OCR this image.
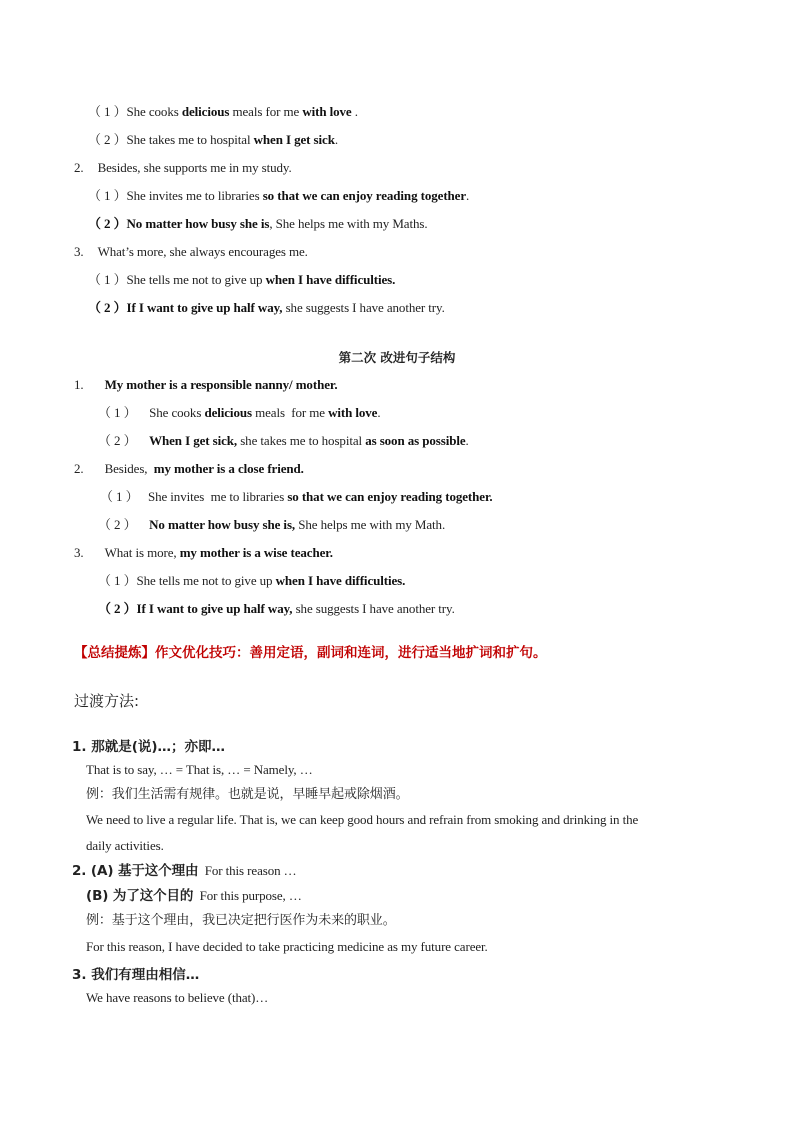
（ 1 ）She cooks delicious meals for me with love .
（ 2 ）She takes me to hospital when I get sick.
2. Besides, she supports me in my study.
（ 1 ）She invites me to libraries so that we can enjoy reading together.
（ 2 ）No matter how busy she is, She helps me with my Maths.
3. What’s more, she always encourages me.
（ 1 ）She tells me not to give up when I have difficulties.
（ 2 ）If I want to give up half way, she suggests I have another try.
第二次 改进句子结构
1. My mother is a responsible nanny/ mother.
（ 1 ）    She cooks delicious meals  for me with love.
（ 2 ）    When I get sick, she takes me to hospital as soon as possible.
2. Besides,  my mother is a close friend.
（ 1 ）   She invites  me to libraries so that we can enjoy reading together.
（ 2 ）    No matter how busy she is, She helps me with my Math.
3. What is more, my mother is a wise teacher.
（ 1 ）She tells me not to give up when I have difficulties.
（ 2 ）If I want to give up half way, she suggests I have another try.
【总结提炼】作文优化技巧：善用定语，副词和连词，进行适当地扩词和扩句。
过渡方法:
1. 那就是(说)…；亦即…
That is to say, … = That is, … = Namely, …
例：我们生活需有规律。也就是说，早睡早起戒除烟酒。
We need to live a regular life. That is, we can keep good hours and refrain from smoking and drinking in the
daily activities.
2. (A) 基于这个理由  For this reason …
(B) 为了这个目的  For this purpose, …
例：基于这个理由，我已决定把行医作为未来的职业。
For this reason, I have decided to take practicing medicine as my future career.
3. 我们有理由相信…
We have reasons to believe (that)…
